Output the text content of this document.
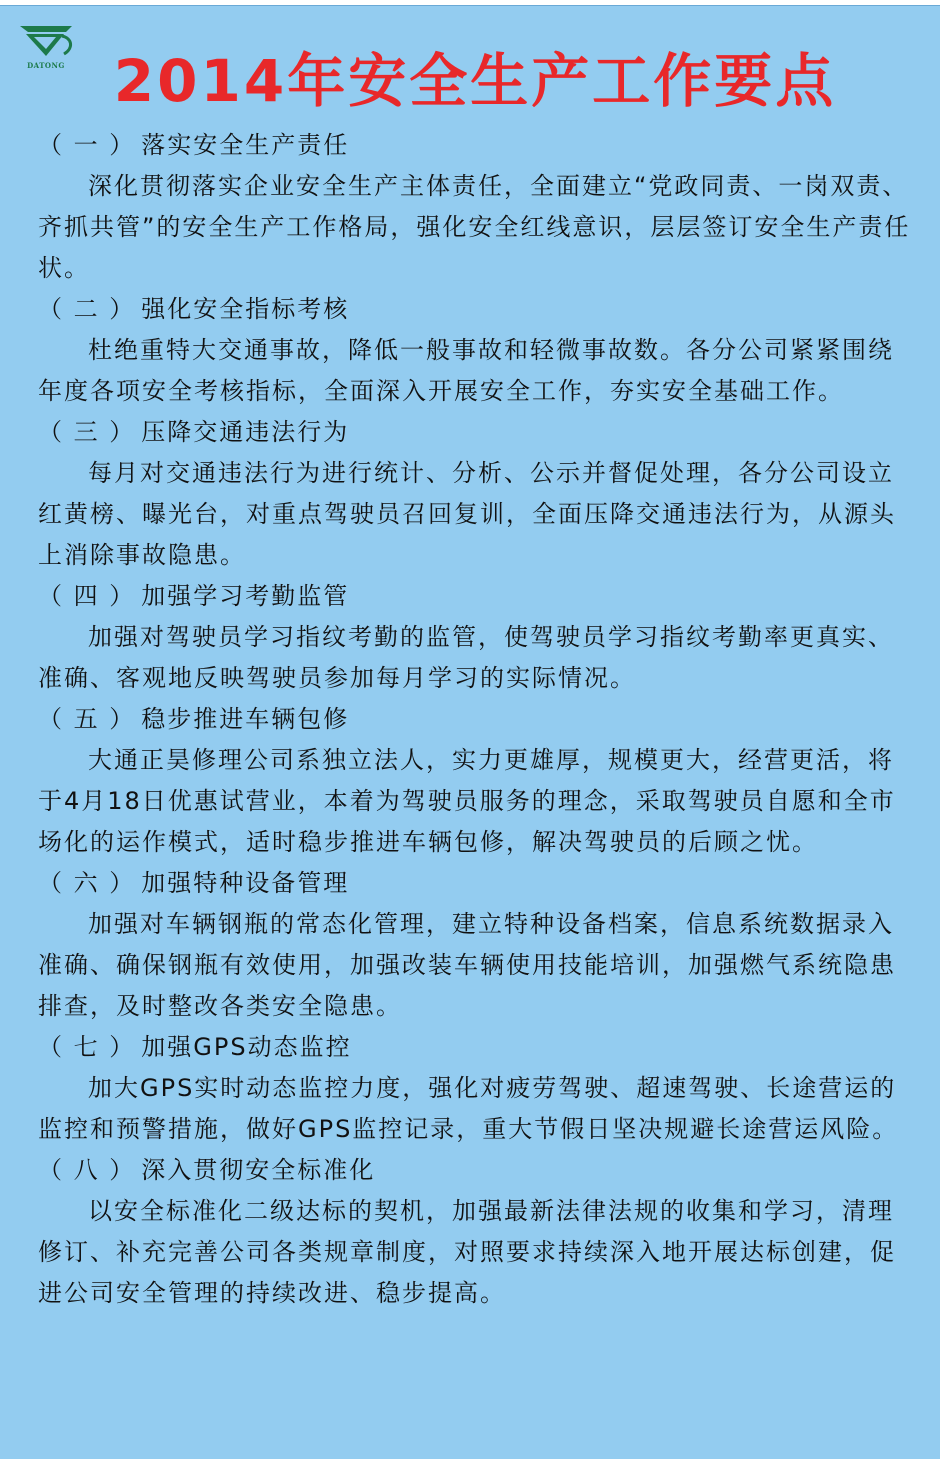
DATONG 2014年安全生产工作要点
（ 一 ） 落实安全生产责任

深化贯彻落实企业安全生产主体责任，全面建立“党政同责、一岗双责、齐抓共管”的安全生产工作格局，强化安全红线意识，层层签订安全生产责任状。

（ 二 ） 强化安全指标考核

杜绝重特大交通事故，降低一般事故和轻微事故数。各分公司紧紧围绕年度各项安全考核指标，全面深入开展安全工作，夯实安全基础工作。

（ 三 ） 压降交通违法行为

每月对交通违法行为进行统计、分析、公示并督促处理，各分公司设立红黄榜、曝光台，对重点驾驶员召回复训，全面压降交通违法行为，从源头上消除事故隐患。

（ 四 ） 加强学习考勤监管

加强对驾驶员学习指纹考勤的监管，使驾驶员学习指纹考勤率更真实、准确、客观地反映驾驶员参加每月学习的实际情况。

（ 五 ） 稳步推进车辆包修

大通正昊修理公司系独立法人，实力更雄厚，规模更大，经营更活，将于4月18日优惠试营业，本着为驾驶员服务的理念，采取驾驶员自愿和全市场化的运作模式，适时稳步推进车辆包修，解决驾驶员的后顾之忧。

（ 六 ） 加强特种设备管理

加强对车辆钢瓶的常态化管理，建立特种设备档案，信息系统数据录入准确、确保钢瓶有效使用，加强改装车辆使用技能培训，加强燃气系统隐患排查，及时整改各类安全隐患。

（ 七 ） 加强GPS动态监控

加大GPS实时动态监控力度，强化对疲劳驾驶、超速驾驶、长途营运的监控和预警措施，做好GPS监控记录，重大节假日坚决规避长途营运风险。

（ 八 ） 深入贯彻安全标准化

以安全标准化二级达标的契机，加强最新法律法规的收集和学习，清理修订、补充完善公司各类规章制度，对照要求持续深入地开展达标创建，促进公司安全管理的持续改进、稳步提高。
